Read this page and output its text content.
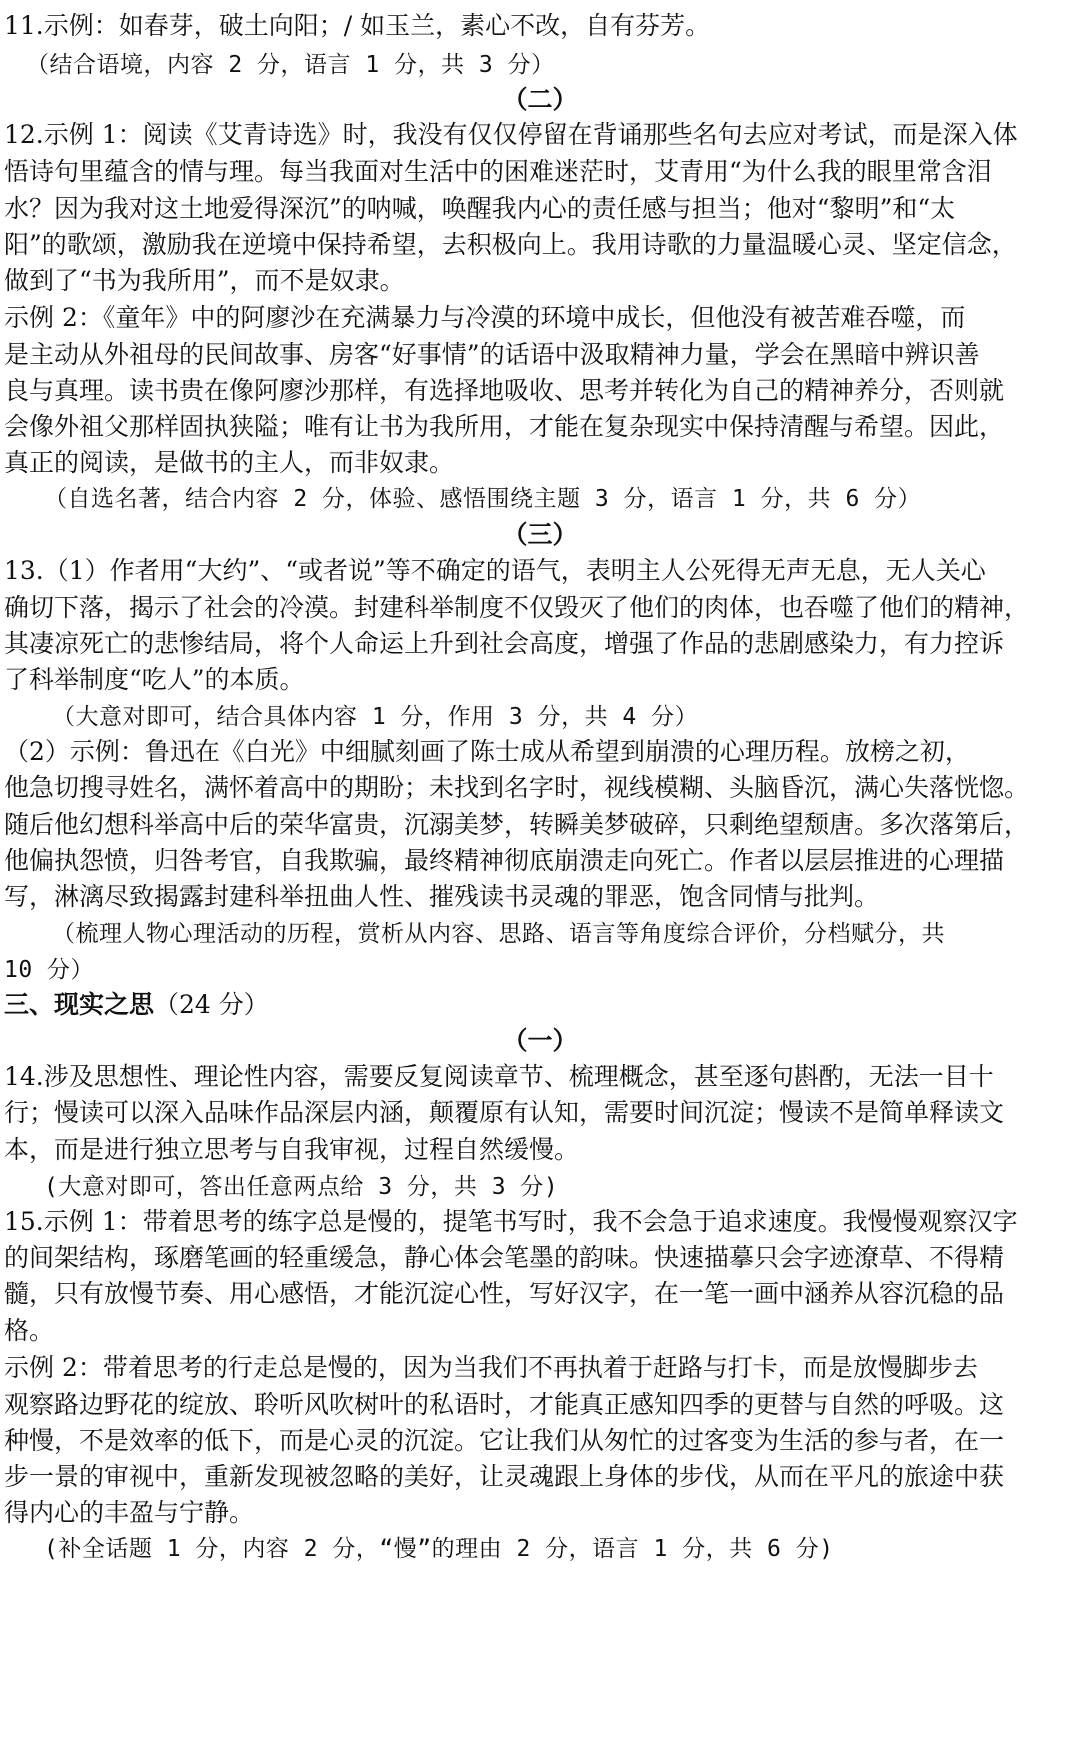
11.示例：如春芽，破土向阳；/ 如玉兰，素心不改，自有芬芳。
（结合语境，内容 2 分，语言 1 分，共 3 分）
（二）
12.示例 1：阅读《艾青诗选》时，我没有仅仅停留在背诵那些名句去应对考试，而是深入体
悟诗句里蕴含的情与理。每当我面对生活中的困难迷茫时，艾青用“为什么我的眼里常含泪
水？因为我对这土地爱得深沉”的呐喊，唤醒我内心的责任感与担当；他对“黎明”和“太
阳”的歌颂，激励我在逆境中保持希望，去积极向上。我用诗歌的力量温暖心灵、坚定信念，
做到了“书为我所用”，而不是奴隶。
示例 2：《童年》中的阿廖沙在充满暴力与冷漠的环境中成长，但他没有被苦难吞噬，而
是主动从外祖母的民间故事、房客“好事情”的话语中汲取精神力量，学会在黑暗中辨识善
良与真理。读书贵在像阿廖沙那样，有选择地吸收、思考并转化为自己的精神养分，否则就
会像外祖父那样固执狭隘；唯有让书为我所用，才能在复杂现实中保持清醒与希望。因此，
真正的阅读，是做书的主人，而非奴隶。
（自选名著，结合内容 2 分，体验、感悟围绕主题 3 分，语言 1 分，共 6 分）
（三）
13.（1）作者用“大约”、“或者说”等不确定的语气，表明主人公死得无声无息，无人关心
确切下落，揭示了社会的冷漠。封建科举制度不仅毁灭了他们的肉体，也吞噬了他们的精神，
其凄凉死亡的悲惨结局，将个人命运上升到社会高度，增强了作品的悲剧感染力，有力控诉
了科举制度“吃人”的本质。
（大意对即可，结合具体内容 1 分，作用 3 分，共 4 分）
（2）示例：鲁迅在《白光》中细腻刻画了陈士成从希望到崩溃的心理历程。放榜之初，
他急切搜寻姓名，满怀着高中的期盼；未找到名字时，视线模糊、头脑昏沉，满心失落恍惚。
随后他幻想科举高中后的荣华富贵，沉溺美梦，转瞬美梦破碎，只剩绝望颓唐。多次落第后，
他偏执怨愤，归咎考官，自我欺骗，最终精神彻底崩溃走向死亡。作者以层层推进的心理描
写，淋漓尽致揭露封建科举扭曲人性、摧残读书灵魂的罪恶，饱含同情与批判。
（梳理人物心理活动的历程，赏析从内容、思路、语言等角度综合评价，分档赋分，共
10 分）
三、现实之思（24 分）
（一）
14.涉及思想性、理论性内容，需要反复阅读章节、梳理概念，甚至逐句斟酌，无法一目十
行；慢读可以深入品味作品深层内涵，颠覆原有认知，需要时间沉淀；慢读不是简单释读文
本，而是进行独立思考与自我审视，过程自然缓慢。
(大意对即可，答出任意两点给 3 分，共 3 分)
15.示例 1：带着思考的练字总是慢的，提笔书写时，我不会急于追求速度。我慢慢观察汉字
的间架结构，琢磨笔画的轻重缓急，静心体会笔墨的韵味。快速描摹只会字迹潦草、不得精
髓，只有放慢节奏、用心感悟，才能沉淀心性，写好汉字，在一笔一画中涵养从容沉稳的品
格。
示例 2：带着思考的行走总是慢的，因为当我们不再执着于赶路与打卡，而是放慢脚步去
观察路边野花的绽放、聆听风吹树叶的私语时，才能真正感知四季的更替与自然的呼吸。这
种慢，不是效率的低下，而是心灵的沉淀。它让我们从匆忙的过客变为生活的参与者，在一
步一景的审视中，重新发现被忽略的美好，让灵魂跟上身体的步伐，从而在平凡的旅途中获
得内心的丰盈与宁静。
(补全话题 1 分，内容 2 分，“慢”的理由 2 分，语言 1 分，共 6 分)
